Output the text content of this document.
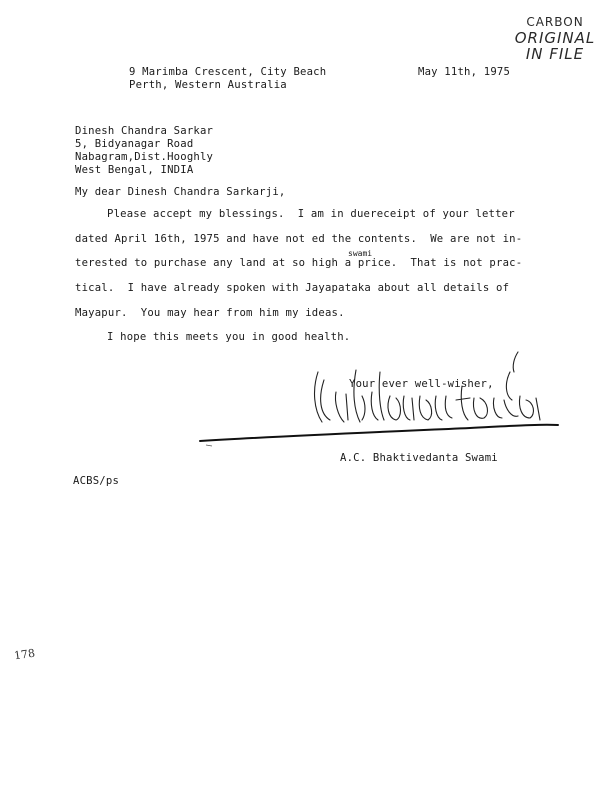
CARBON
ORIGINAL
IN FILE
9 Marimba Crescent, City Beach
Perth, Western Australia
May 11th, 1975
Dinesh Chandra Sarkar
5, Bidyanagar Road
Nabagram,Dist.Hooghly
West Bengal, INDIA
My dear Dinesh Chandra Sarkarji,
Please accept my blessings.  I am in duereceipt of your letter
dated April 16th, 1975 and have not ed the contents.  We are not in-
terested to purchase any land at so high a price.  That is not prac-
swami
tical.  I have already spoken with Jayapataka about all details of
Mayapur.  You may hear from him my ideas.
I hope this meets you in good health.
Your ever well-wisher,
A.C. Bhaktivedanta Swami
ACBS/ps
178
